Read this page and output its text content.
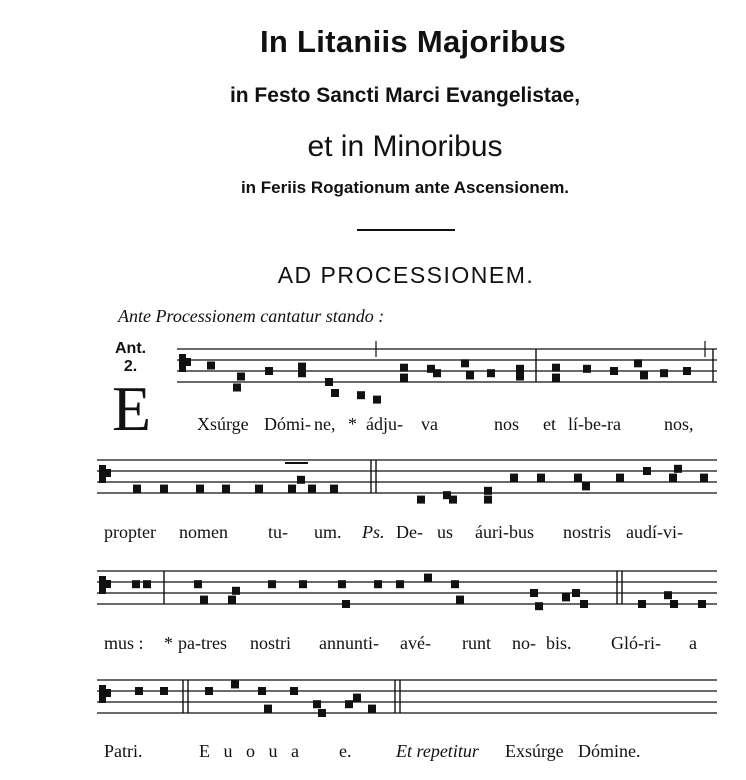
In Litaniis Majoribus
in Festo Sancti Marci Evangelistae,
et in Minoribus
in Feriis Rogationum ante Ascensionem.
AD PROCESSIONEM.
Ante Processionem cantatur stando :
Ant.
2.
E	Xsúrge Dómi- ne, * ádju- va	nos et lí-be-ra nos,
propter nomen tu- um. Ps. De- us áuri-bus nostris audí-vi-
mus : * pa-tres nostri annunti- avé- runt no- bis. Gló-ri- a
Patri.	E u o u a e. Et repetitur Exsúrge Dómine.
